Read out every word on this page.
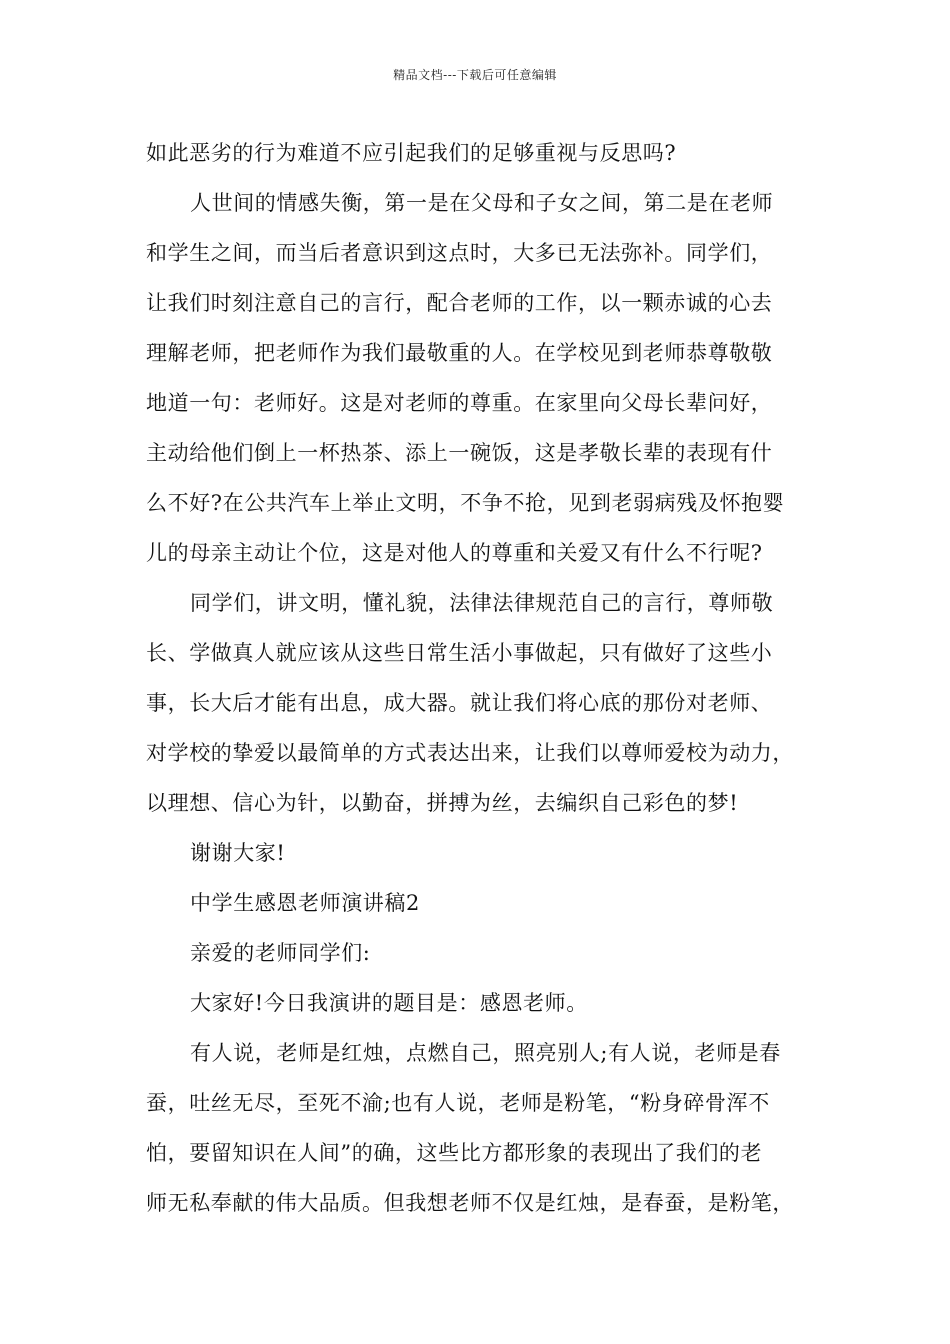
精品文档---下载后可任意编辑
如此恶劣的行为难道不应引起我们的足够重视与反思吗?
人世间的情感失衡，第一是在父母和子女之间，第二是在老师
和学生之间，而当后者意识到这点时，大多已无法弥补。同学们，
让我们时刻注意自己的言行，配合老师的工作，以一颗赤诚的心去
理解老师，把老师作为我们最敬重的人。在学校见到老师恭尊敬敬
地道一句：老师好。这是对老师的尊重。在家里向父母长辈问好，
主动给他们倒上一杯热茶、添上一碗饭，这是孝敬长辈的表现有什
么不好?在公共汽车上举止文明，不争不抢，见到老弱病残及怀抱婴
儿的母亲主动让个位，这是对他人的尊重和关爱又有什么不行呢?
同学们，讲文明，懂礼貌，法律法律规范自己的言行，尊师敬
长、学做真人就应该从这些日常生活小事做起，只有做好了这些小
事，长大后才能有出息，成大器。就让我们将心底的那份对老师、
对学校的挚爱以最简单的方式表达出来，让我们以尊师爱校为动力，
以理想、信心为针，以勤奋，拼搏为丝，去编织自己彩色的梦!
谢谢大家!
中学生感恩老师演讲稿2
亲爱的老师同学们:
大家好!今日我演讲的题目是：感恩老师。
有人说，老师是红烛，点燃自己，照亮别人;有人说，老师是春
蚕，吐丝无尽，至死不渝;也有人说，老师是粉笔，“粉身碎骨浑不
怕，要留知识在人间”的确，这些比方都形象的表现出了我们的老
师无私奉献的伟大品质。但我想老师不仅是红烛，是春蚕，是粉笔，
